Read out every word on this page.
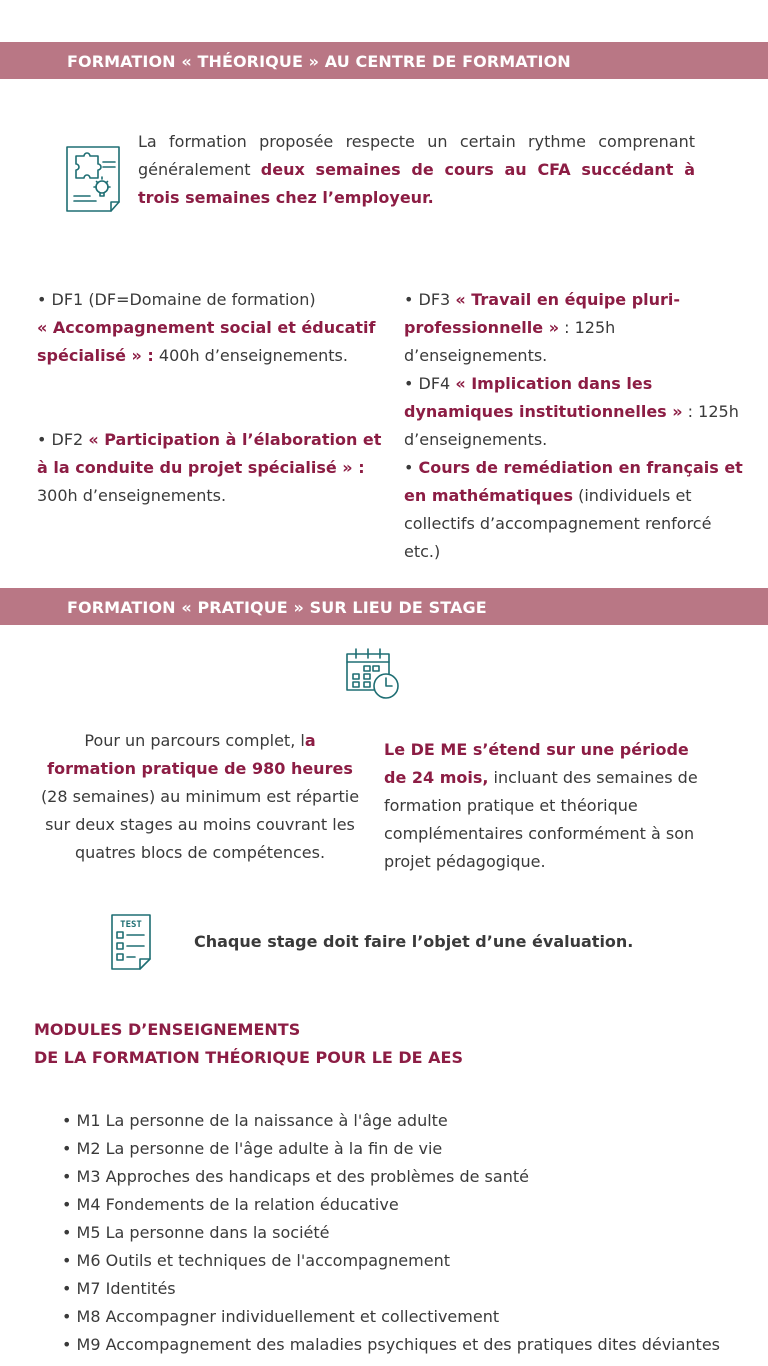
FORMATION « THÉORIQUE » AU CENTRE DE FORMATION
La formation proposée respecte un certain rythme comprenant généralement deux semaines de cours au CFA succédant à trois semaines chez l’employeur.
• DF1 (DF=Domaine de formation)
« Accompagnement social et éducatif spécialisé » : 400h d’enseignements.
• DF2 « Participation à l’élaboration et à la conduite du projet spécialisé » : 300h d’enseignements.
• DF3 « Travail en équipe pluri-professionnelle » : 125h d’enseignements.
• DF4 « Implication dans les dynamiques institutionnelles » : 125h d’enseignements.
• Cours de remédiation en français et en mathématiques (individuels et collectifs d’accompagnement renforcé etc.)
FORMATION « PRATIQUE » SUR LIEU DE STAGE
Pour un parcours complet, la formation pratique de 980 heures
(28 semaines) au minimum est répartie sur deux stages au moins couvrant les quatres blocs de compétences.
Le DE ME s’étend sur une période de 24 mois, incluant des semaines de formation pratique et théorique complémentaires conformément à son projet pédagogique.
TEST
Chaque stage doit faire l’objet d’une évaluation.
MODULES D’ENSEIGNEMENTS
DE LA FORMATION THÉORIQUE POUR LE DE AES
• M1 La personne de la naissance à l'âge adulte
• M2 La personne de l'âge adulte à la fin de vie
• M3 Approches des handicaps et des problèmes de santé
• M4 Fondements de la relation éducative
• M5 La personne dans la société
• M6 Outils et techniques de l'accompagnement
• M7 Identités
• M8 Accompagner individuellement et collectivement
• M9 Accompagnement des maladies psychiques et des pratiques dites déviantes
